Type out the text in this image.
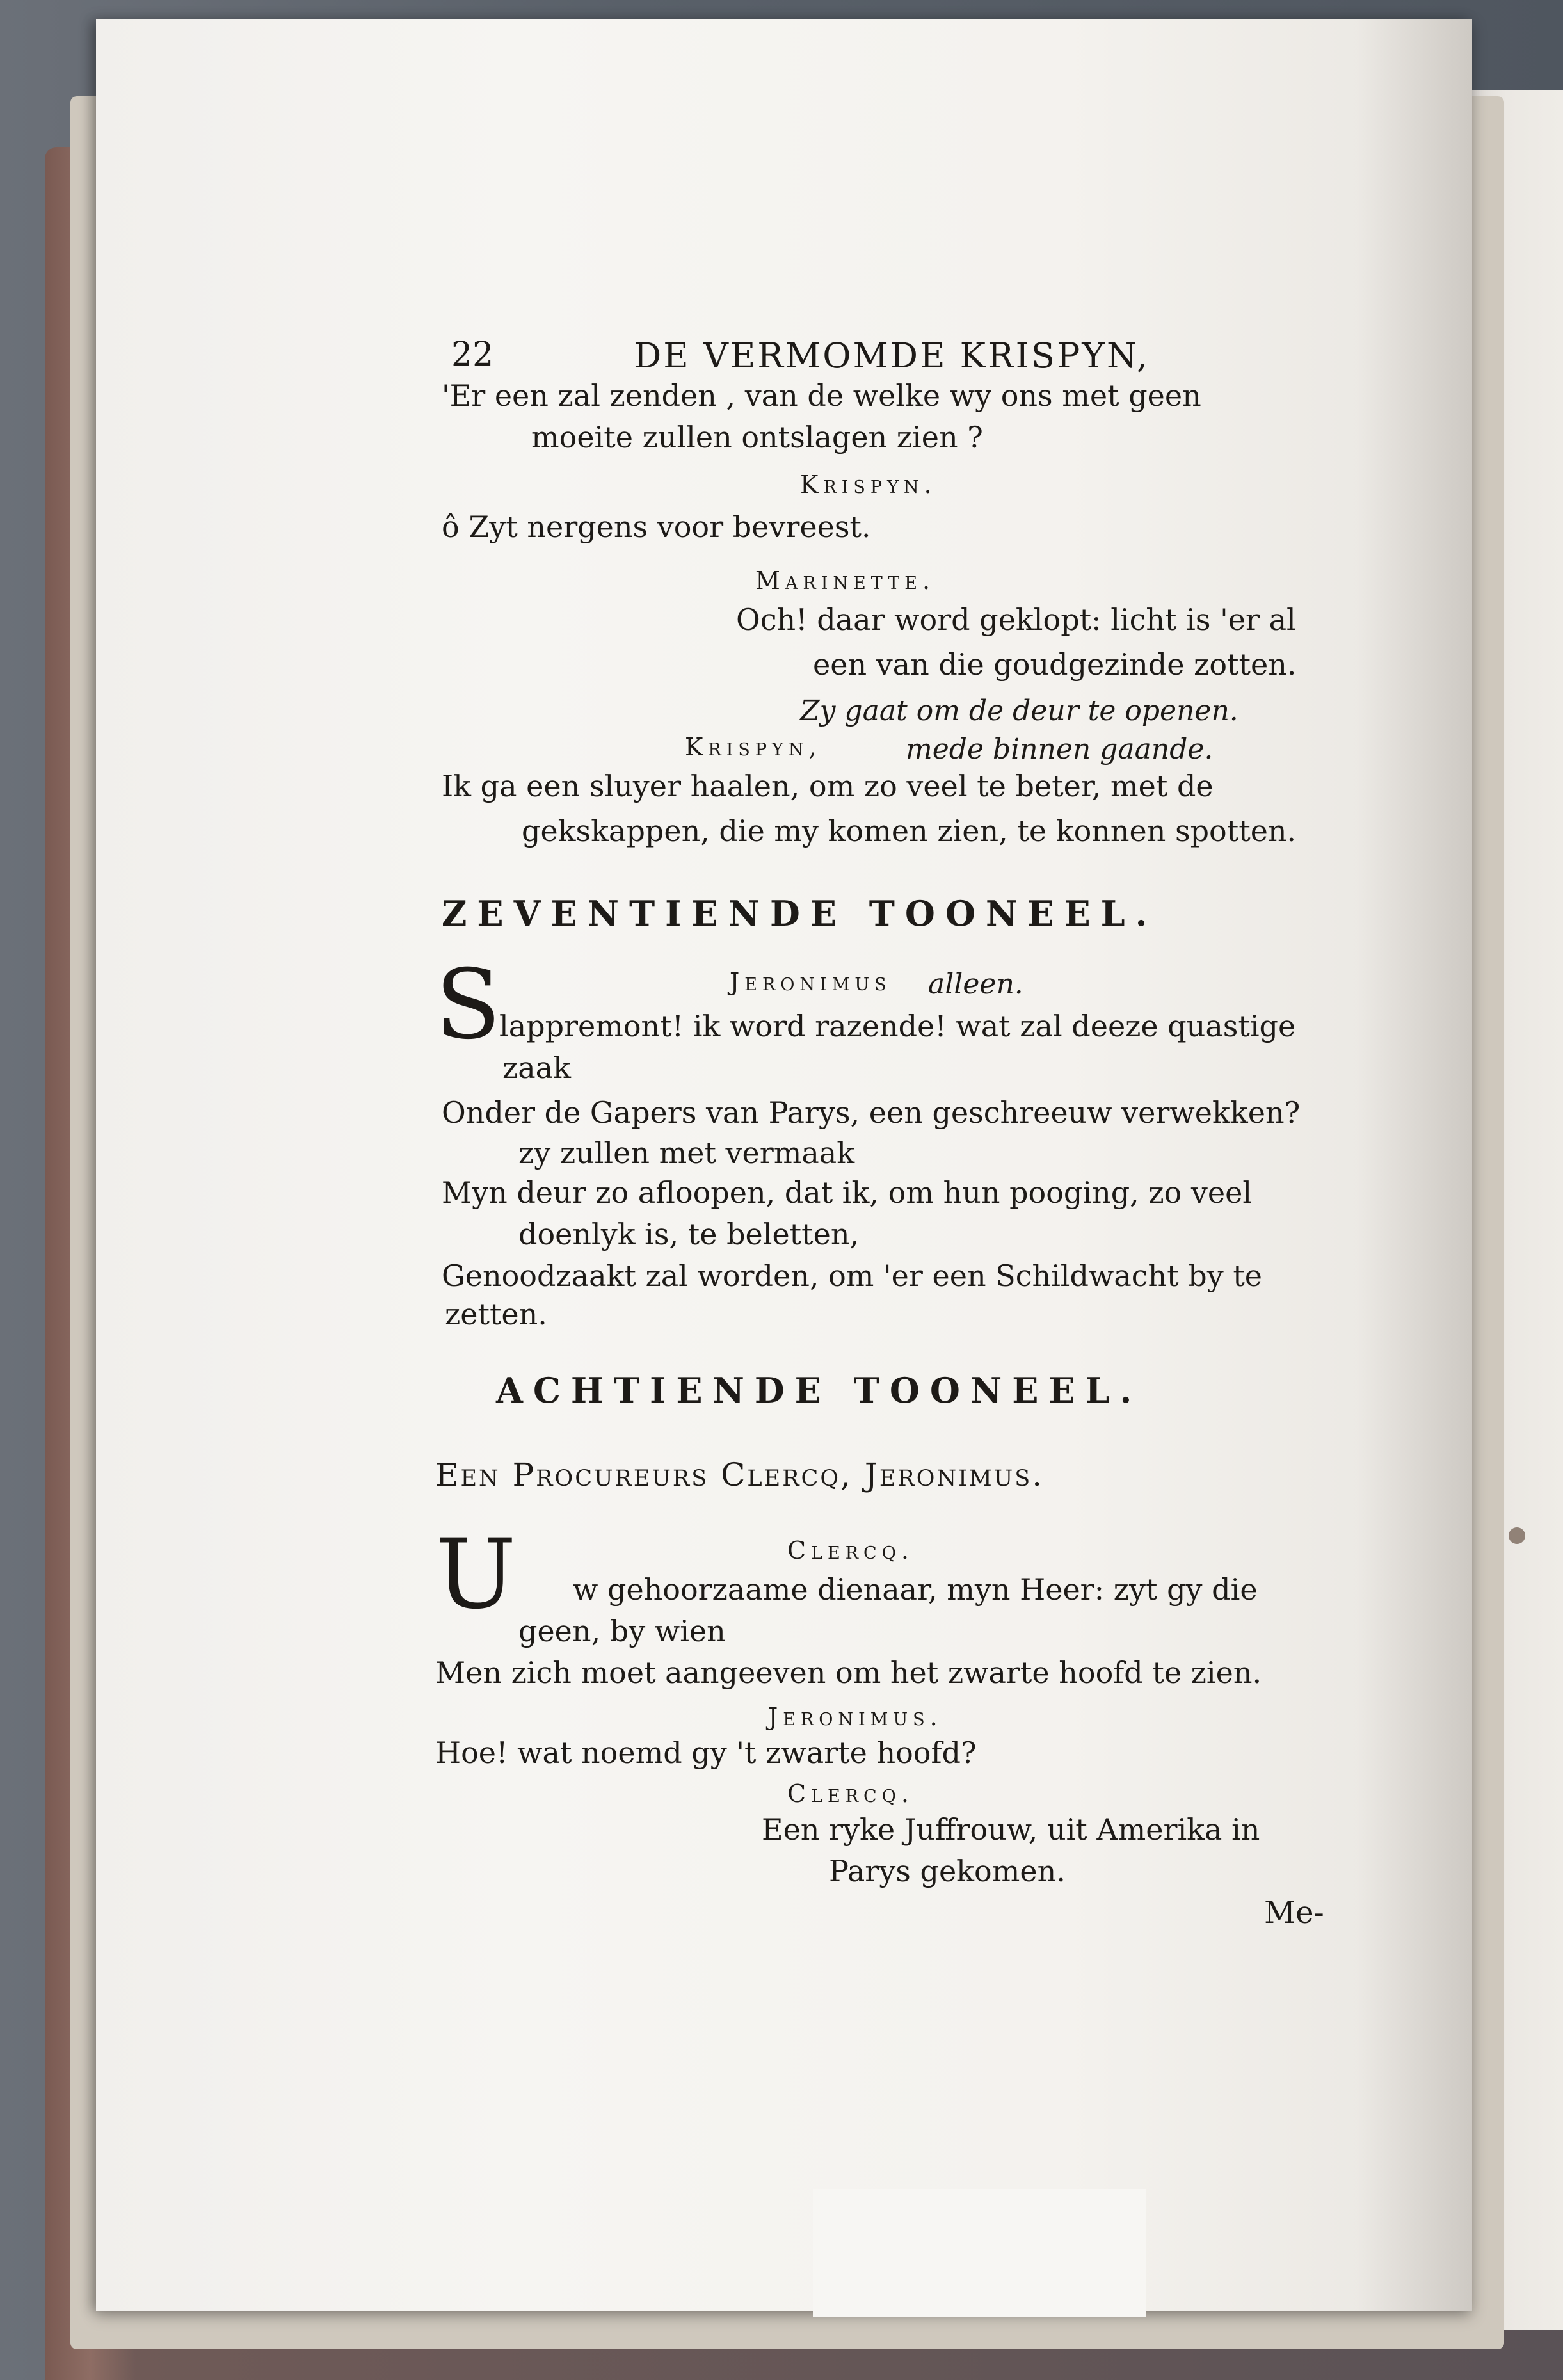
22	DE VERMOMDE KRISPYN,
'Er een zal zenden , van de welke wy ons met geen
moeite zullen ontslagen zien ?
Krispyn.
ô Zyt nergens voor bevreest.
Marinette.
Och! daar word geklopt: licht is 'er al
een van die goudgezinde zotten.
Zy gaat om de deur te openen.
Krispyn,	mede binnen gaande.
Ik ga een sluyer haalen, om zo veel te beter, met de
gekskappen, die my komen zien, te konnen spotten.
ZEVENTIENDE TOONEEL.
S	Jeronimus alleen.
lappremont! ik word razende! wat zal deeze quastige
zaak
Onder de Gapers van Parys, een geschreeuw verwekken?
zy zullen met vermaak
Myn deur zo afloopen, dat ik, om hun pooging, zo veel
doenlyk is, te beletten,
Genoodzaakt zal worden, om 'er een Schildwacht by te
zetten.
ACHTIENDE TOONEEL.
Een Procureurs Clercq, Jeronimus.
U	Clercq.
w gehoorzaame dienaar, myn Heer: zyt gy die
geen, by wien
Men zich moet aangeeven om het zwarte hoofd te zien.
Jeronimus.
Hoe! wat noemd gy 't zwarte hoofd?
Clercq.
Een ryke Juffrouw, uit Amerika in
Parys gekomen.
Me-
